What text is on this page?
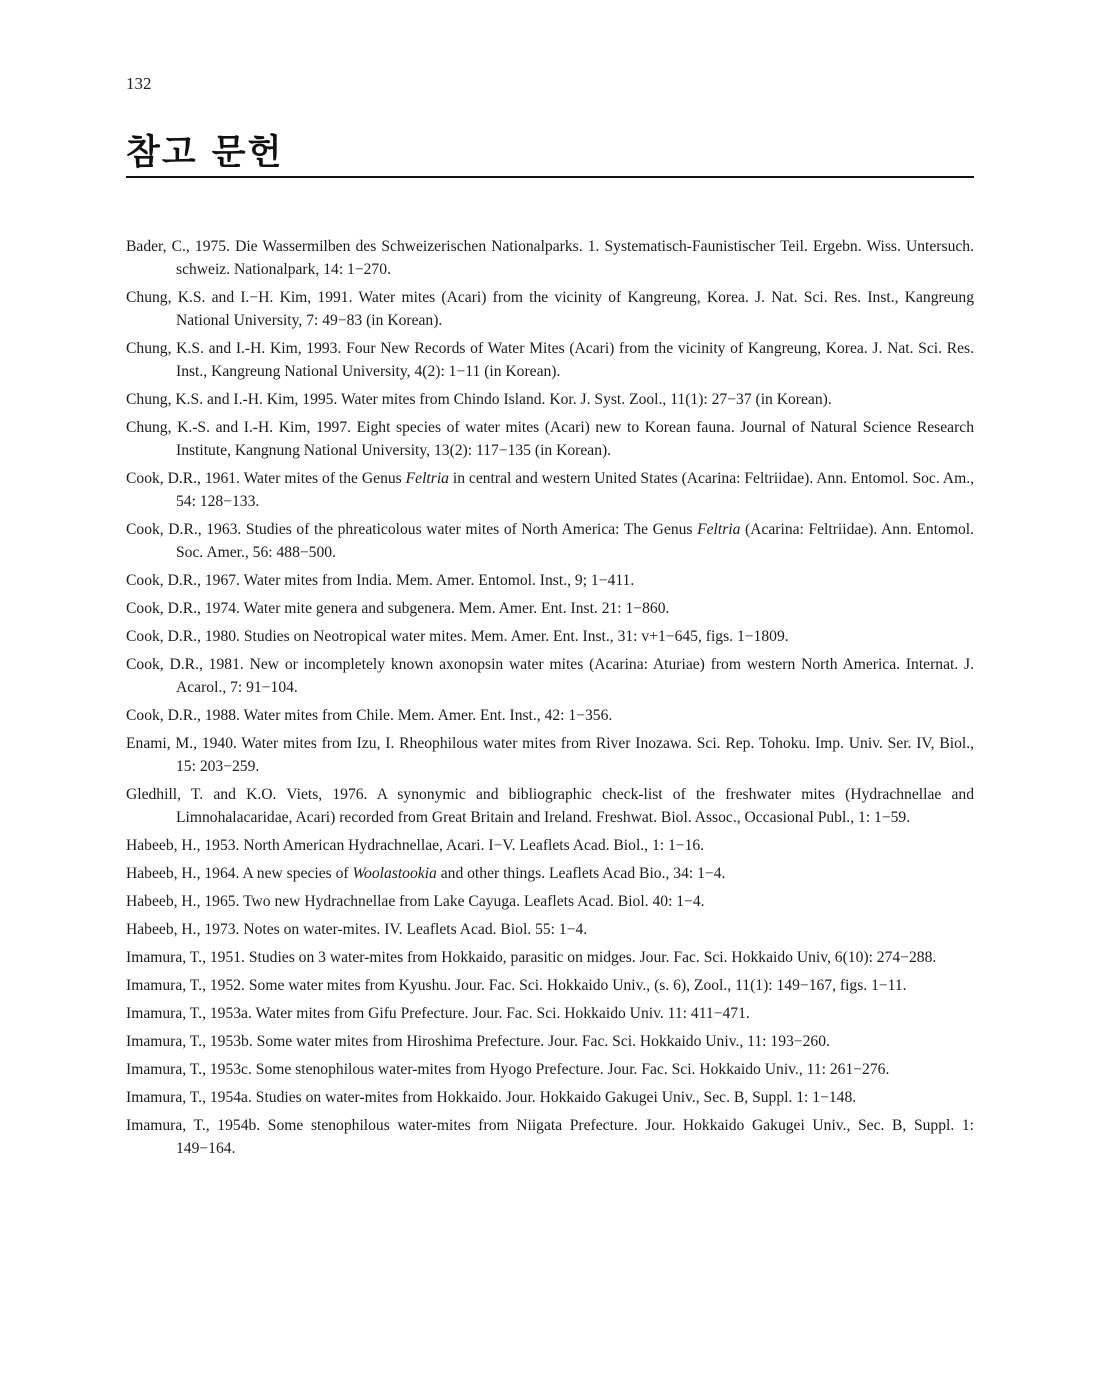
132
참고 문헌
Bader, C., 1975. Die Wassermilben des Schweizerischen Nationalparks. 1. Systematisch-Faunistischer Teil. Ergebn. Wiss. Untersuch. schweiz. Nationalpark, 14: 1−270.
Chung, K.S. and I.−H. Kim, 1991. Water mites (Acari) from the vicinity of Kangreung, Korea. J. Nat. Sci. Res. Inst., Kangreung National University, 7: 49−83 (in Korean).
Chung, K.S. and I.-H. Kim, 1993. Four New Records of Water Mites (Acari) from the vicinity of Kangreung, Korea. J. Nat. Sci. Res. Inst., Kangreung National University, 4(2): 1−11 (in Korean).
Chung, K.S. and I.-H. Kim, 1995. Water mites from Chindo Island. Kor. J. Syst. Zool., 11(1): 27−37 (in Korean).
Chung, K.-S. and I.-H. Kim, 1997. Eight species of water mites (Acari) new to Korean fauna. Journal of Natural Science Research Institute, Kangnung National University, 13(2): 117−135 (in Korean).
Cook, D.R., 1961. Water mites of the Genus Feltria in central and western United States (Acarina: Feltriidae). Ann. Entomol. Soc. Am., 54: 128−133.
Cook, D.R., 1963. Studies of the phreaticolous water mites of North America: The Genus Feltria (Acarina: Feltriidae). Ann. Entomol. Soc. Amer., 56: 488−500.
Cook, D.R., 1967. Water mites from India. Mem. Amer. Entomol. Inst., 9; 1−411.
Cook, D.R., 1974. Water mite genera and subgenera. Mem. Amer. Ent. Inst. 21: 1−860.
Cook, D.R., 1980. Studies on Neotropical water mites. Mem. Amer. Ent. Inst., 31: v+1−645, figs. 1−1809.
Cook, D.R., 1981. New or incompletely known axonopsin water mites (Acarina: Aturiae) from western North America. Internat. J. Acarol., 7: 91−104.
Cook, D.R., 1988. Water mites from Chile. Mem. Amer. Ent. Inst., 42: 1−356.
Enami, M., 1940. Water mites from Izu, I. Rheophilous water mites from River Inozawa. Sci. Rep. Tohoku. Imp. Univ. Ser. IV, Biol., 15: 203−259.
Gledhill, T. and K.O. Viets, 1976. A synonymic and bibliographic check-list of the freshwater mites (Hydrachnellae and Limnohalacaridae, Acari) recorded from Great Britain and Ireland. Freshwat. Biol. Assoc., Occasional Publ., 1: 1−59.
Habeeb, H., 1953. North American Hydrachnellae, Acari. I−V. Leaflets Acad. Biol., 1: 1−16.
Habeeb, H., 1964. A new species of Woolastookia and other things. Leaflets Acad Bio., 34: 1−4.
Habeeb, H., 1965. Two new Hydrachnellae from Lake Cayuga. Leaflets Acad. Biol. 40: 1−4.
Habeeb, H., 1973. Notes on water-mites. IV. Leaflets Acad. Biol. 55: 1−4.
Imamura, T., 1951. Studies on 3 water-mites from Hokkaido, parasitic on midges. Jour. Fac. Sci. Hokkaido Univ, 6(10): 274−288.
Imamura, T., 1952. Some water mites from Kyushu. Jour. Fac. Sci. Hokkaido Univ., (s. 6), Zool., 11(1): 149−167, figs. 1−11.
Imamura, T., 1953a. Water mites from Gifu Prefecture. Jour. Fac. Sci. Hokkaido Univ. 11: 411−471.
Imamura, T., 1953b. Some water mites from Hiroshima Prefecture. Jour. Fac. Sci. Hokkaido Univ., 11: 193−260.
Imamura, T., 1953c. Some stenophilous water-mites from Hyogo Prefecture. Jour. Fac. Sci. Hokkaido Univ., 11: 261−276.
Imamura, T., 1954a. Studies on water-mites from Hokkaido. Jour. Hokkaido Gakugei Univ., Sec. B, Suppl. 1: 1−148.
Imamura, T., 1954b. Some stenophilous water-mites from Niigata Prefecture. Jour. Hokkaido Gakugei Univ., Sec. B, Suppl. 1: 149−164.
